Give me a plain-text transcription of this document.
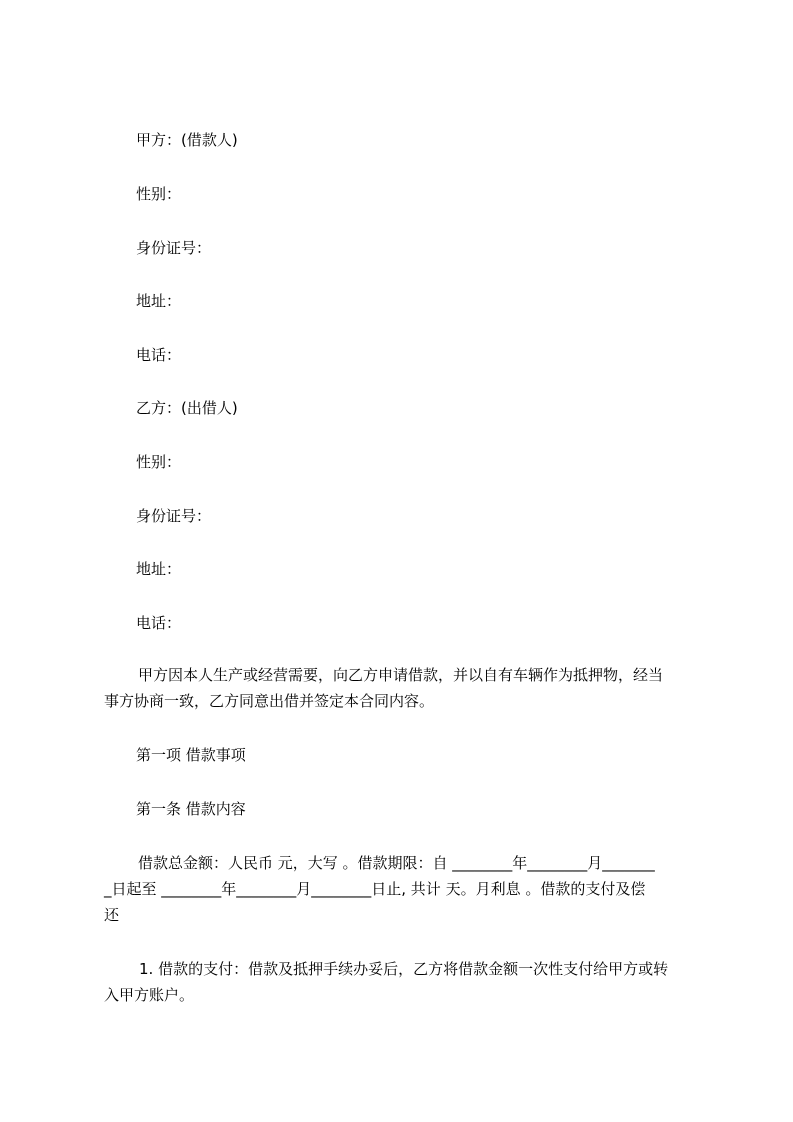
甲方：(借款人)

性别：

身份证号：

地址：

电话：

乙方：(出借人)

性别：

身份证号：

地址：

电话：

甲方因本人生产或经营需要，向乙方申请借款，并以自有车辆作为抵押物，经当
事方协商一致，乙方同意出借并签定本合同内容。

第一项 借款事项

第一条 借款内容

借款总金额：人民币 元，大写 。借款期限：自 ________年________月_______
_日起至 ________年________月________日止, 共计 天。月利息 。借款的支付及偿
还
1. 借款的支付：借款及抵押手续办妥后，乙方将借款金额一次性支付给甲方或转
入甲方账户。
